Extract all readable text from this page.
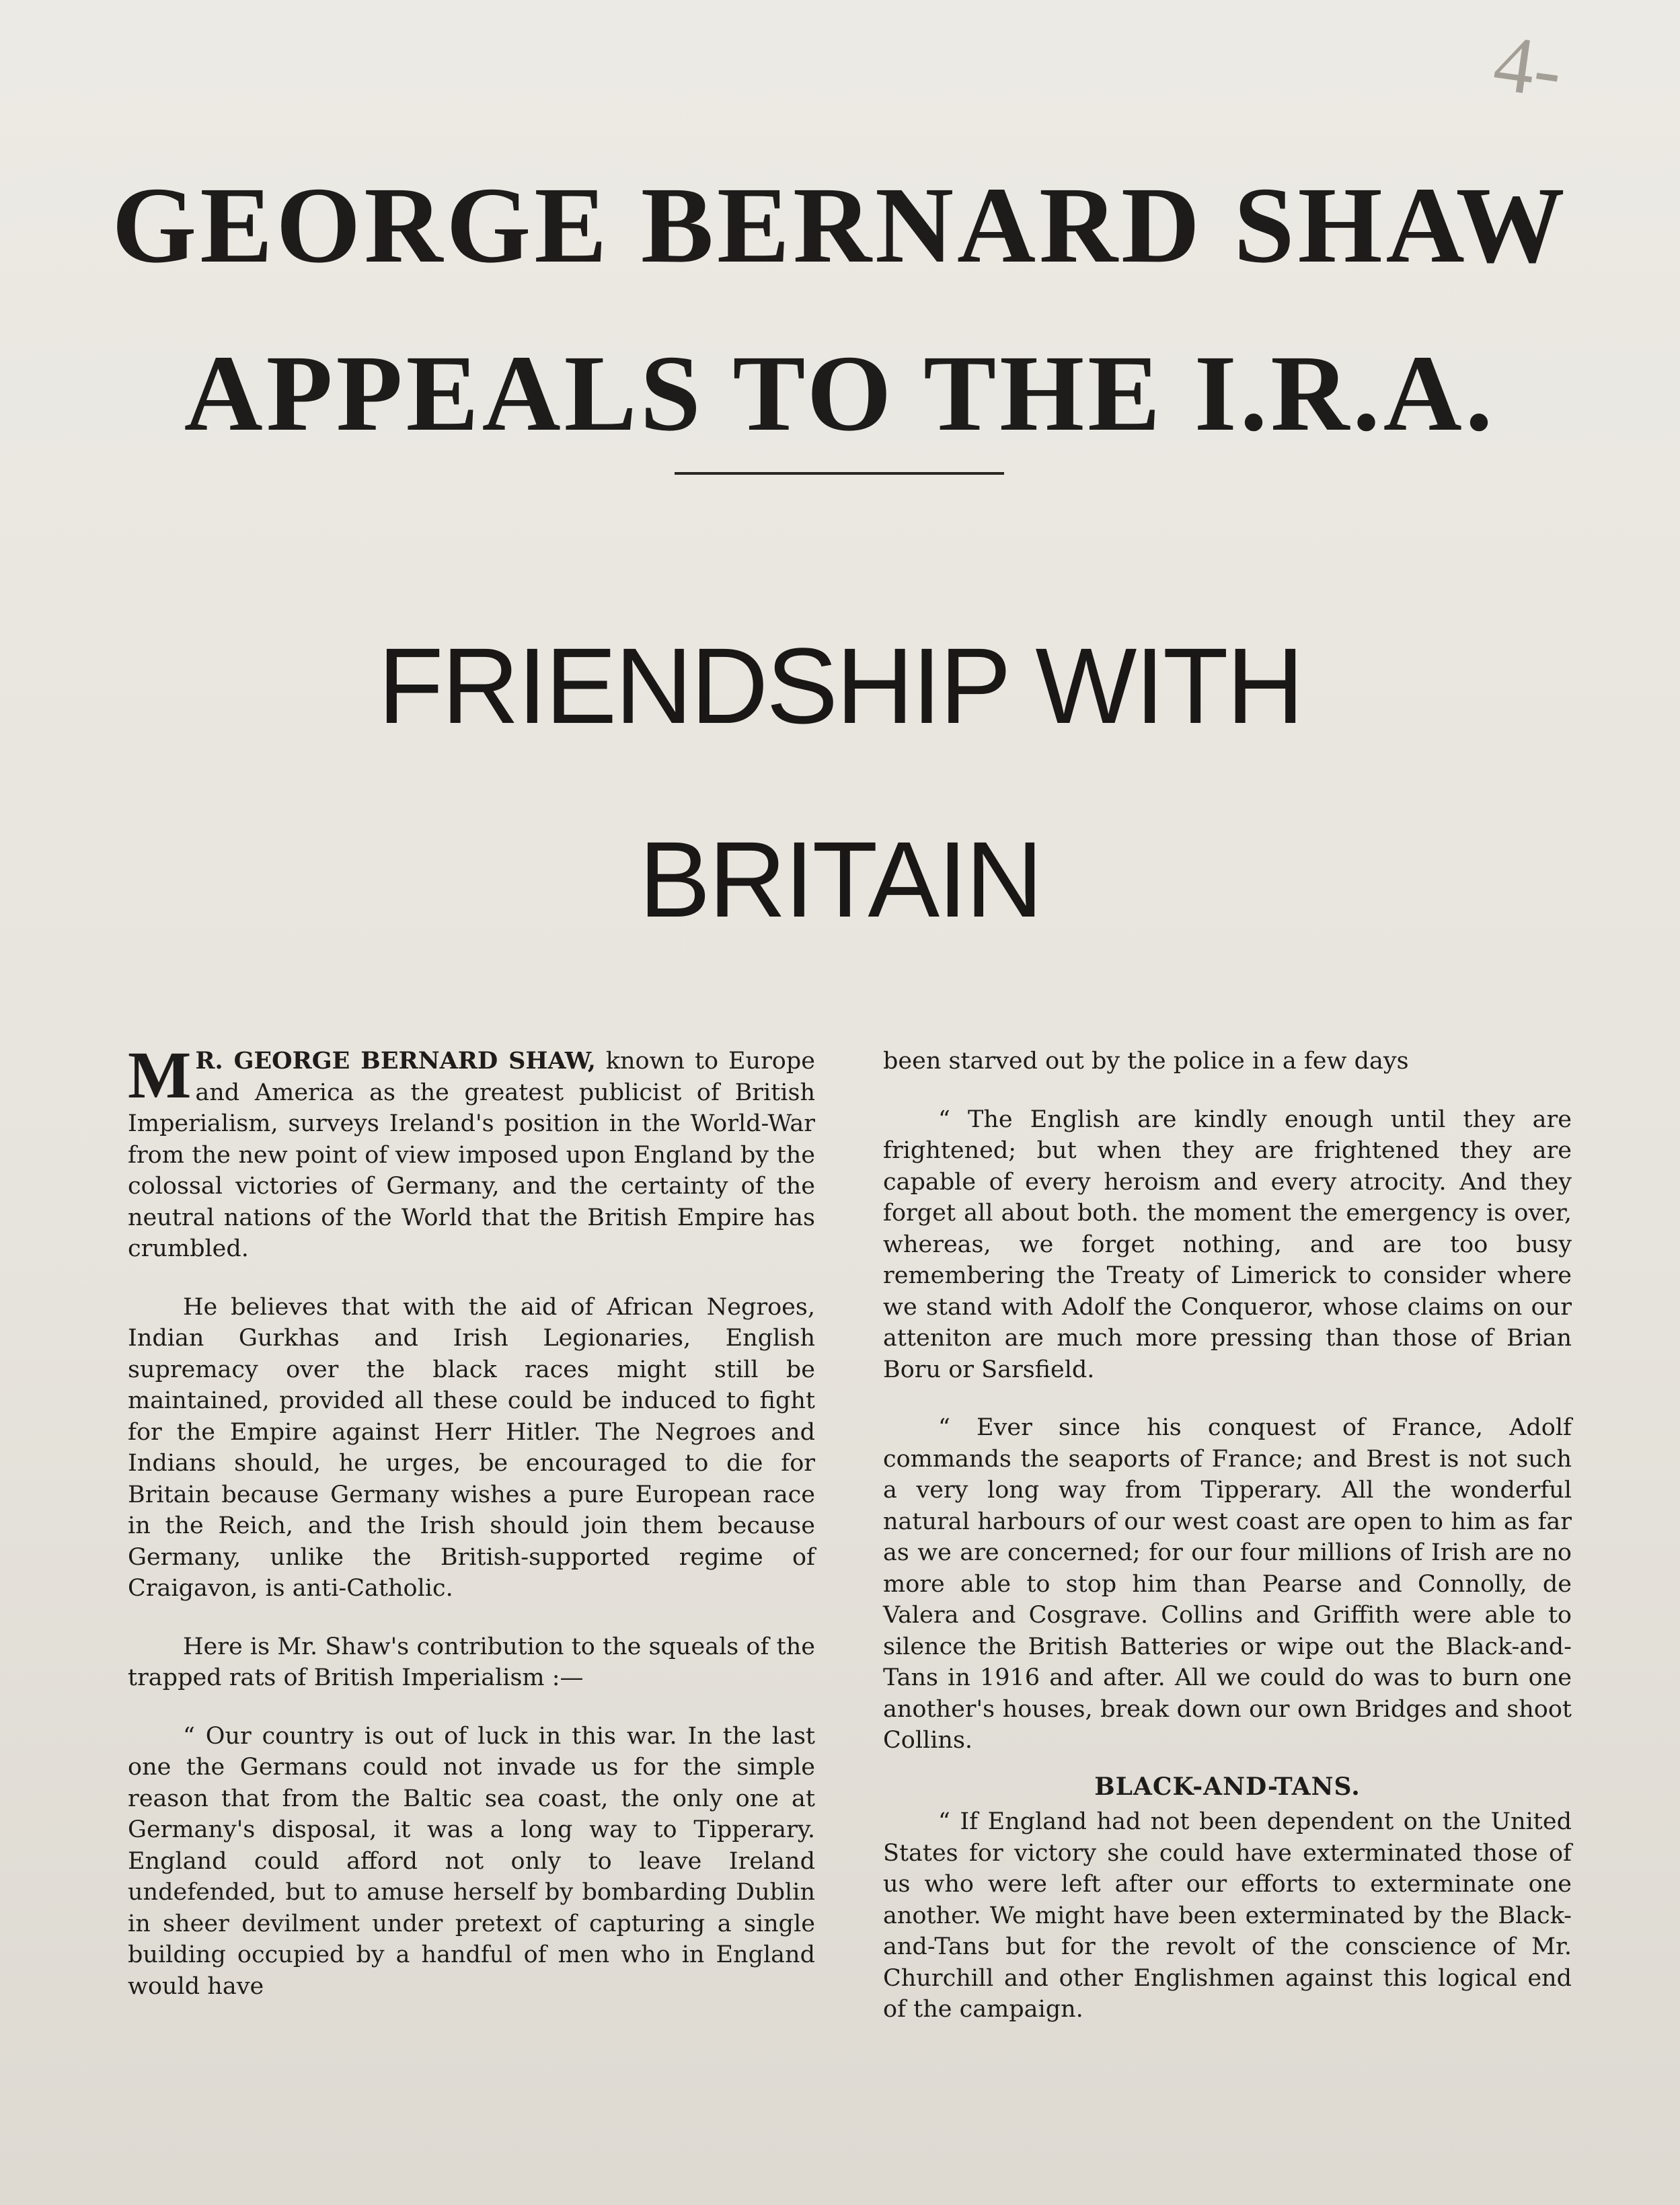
4-
GEORGE BERNARD SHAW
APPEALS TO THE I.R.A.
FRIENDSHIP WITH
BRITAIN

M R. GEORGE BERNARD SHAW, known to Europe and America as the greatest publicist of British Imperialism, surveys Ireland's position in the World-War from the new point of view imposed upon England by the colossal victories of Germany, and the certainty of the neutral nations of the World that the British Empire has crumbled.

He believes that with the aid of African Negroes, Indian Gurkhas and Irish Legionaries, English supremacy over the black races might still be maintained, provided all these could be induced to fight for the Empire against Herr Hitler. The Negroes and Indians should, he urges, be encouraged to die for Britain because Germany wishes a pure European race in the Reich, and the Irish should join them because Germany, unlike the British-supported regime of Craigavon, is anti-Catholic.

Here is Mr. Shaw's contribution to the squeals of the trapped rats of British Imperialism :—

“ Our country is out of luck in this war. In the last one the Germans could not invade us for the simple reason that from the Baltic sea coast, the only one at Germany's disposal, it was a long way to Tipperary. England could afford not only to leave Ireland undefended, but to amuse herself by bombarding Dublin in sheer devilment under pretext of capturing a single building occupied by a handful of men who in England would have

been starved out by the police in a few days

“ The English are kindly enough until they are frightened; but when they are frightened they are capable of every heroism and every atrocity. And they forget all about both. the moment the emergency is over, whereas, we forget nothing, and are too busy remembering the Treaty of Limerick to consider where we stand with Adolf the Conqueror, whose claims on our atteniton are much more pressing than those of Brian Boru or Sarsfield.

“ Ever since his conquest of France, Adolf commands the seaports of France; and Brest is not such a very long way from Tipperary. All the wonderful natural harbours of our west coast are open to him as far as we are concerned; for our four millions of Irish are no more able to stop him than Pearse and Connolly, de Valera and Cosgrave. Collins and Griffith were able to silence the British Batteries or wipe out the Black-and-Tans in 1916 and after. All we could do was to burn one another's houses, break down our own Bridges and shoot Collins.

BLACK-AND-TANS.

“ If England had not been dependent on the United States for victory she could have exterminated those of us who were left after our efforts to exterminate one another. We might have been exterminated by the Black-and-Tans but for the revolt of the conscience of Mr. Churchill and other Englishmen against this logical end of the campaign.
